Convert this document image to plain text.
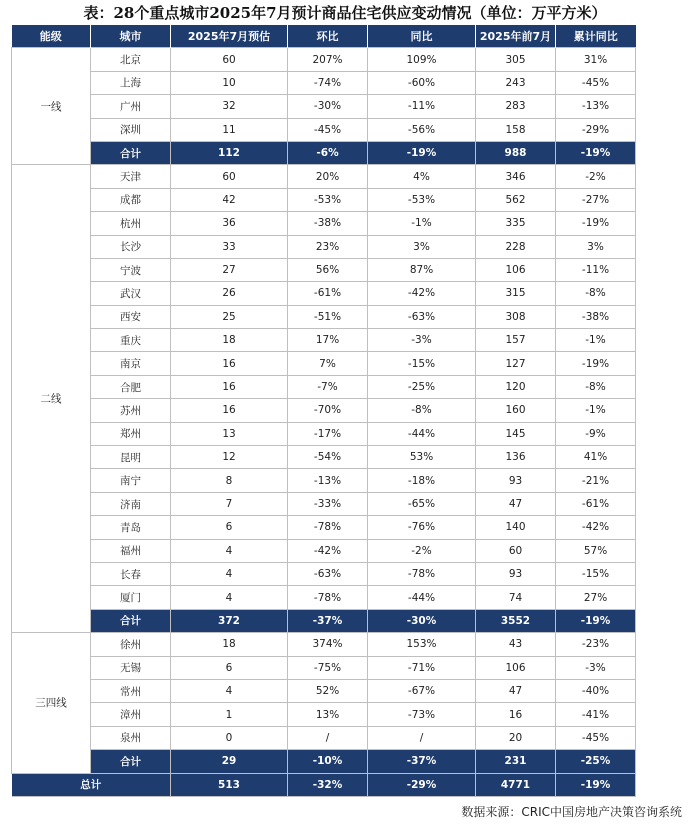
表：28个重点城市2025年7月预计商品住宅供应变动情况（单位：万平方米）
能级	城市	2025年7月预估	环比	同比	2025年前7月	累计同比
一线	北京	60	207%	109%	305	31%
	上海	10	-74%	-60%	243	-45%
	广州	32	-30%	-11%	283	-13%
	深圳	11	-45%	-56%	158	-29%
	合计	112	-6%	-19%	988	-19%
二线	天津	60	20%	4%	346	-2%
	成都	42	-53%	-53%	562	-27%
	杭州	36	-38%	-1%	335	-19%
	长沙	33	23%	3%	228	3%
	宁波	27	56%	87%	106	-11%
	武汉	26	-61%	-42%	315	-8%
	西安	25	-51%	-63%	308	-38%
	重庆	18	17%	-3%	157	-1%
	南京	16	7%	-15%	127	-19%
	合肥	16	-7%	-25%	120	-8%
	苏州	16	-70%	-8%	160	-1%
	郑州	13	-17%	-44%	145	-9%
	昆明	12	-54%	53%	136	41%
	南宁	8	-13%	-18%	93	-21%
	济南	7	-33%	-65%	47	-61%
	青岛	6	-78%	-76%	140	-42%
	福州	4	-42%	-2%	60	57%
	长春	4	-63%	-78%	93	-15%
	厦门	4	-78%	-44%	74	27%
	合计	372	-37%	-30%	3552	-19%
三四线	徐州	18	374%	153%	43	-23%
	无锡	6	-75%	-71%	106	-3%
	常州	4	52%	-67%	47	-40%
	漳州	1	13%	-73%	16	-41%
	泉州	0	/	/	20	-45%
	合计	29	-10%	-37%	231	-25%
总计		513	-32%	-29%	4771	-19%
数据来源：CRIC中国房地产决策咨询系统
